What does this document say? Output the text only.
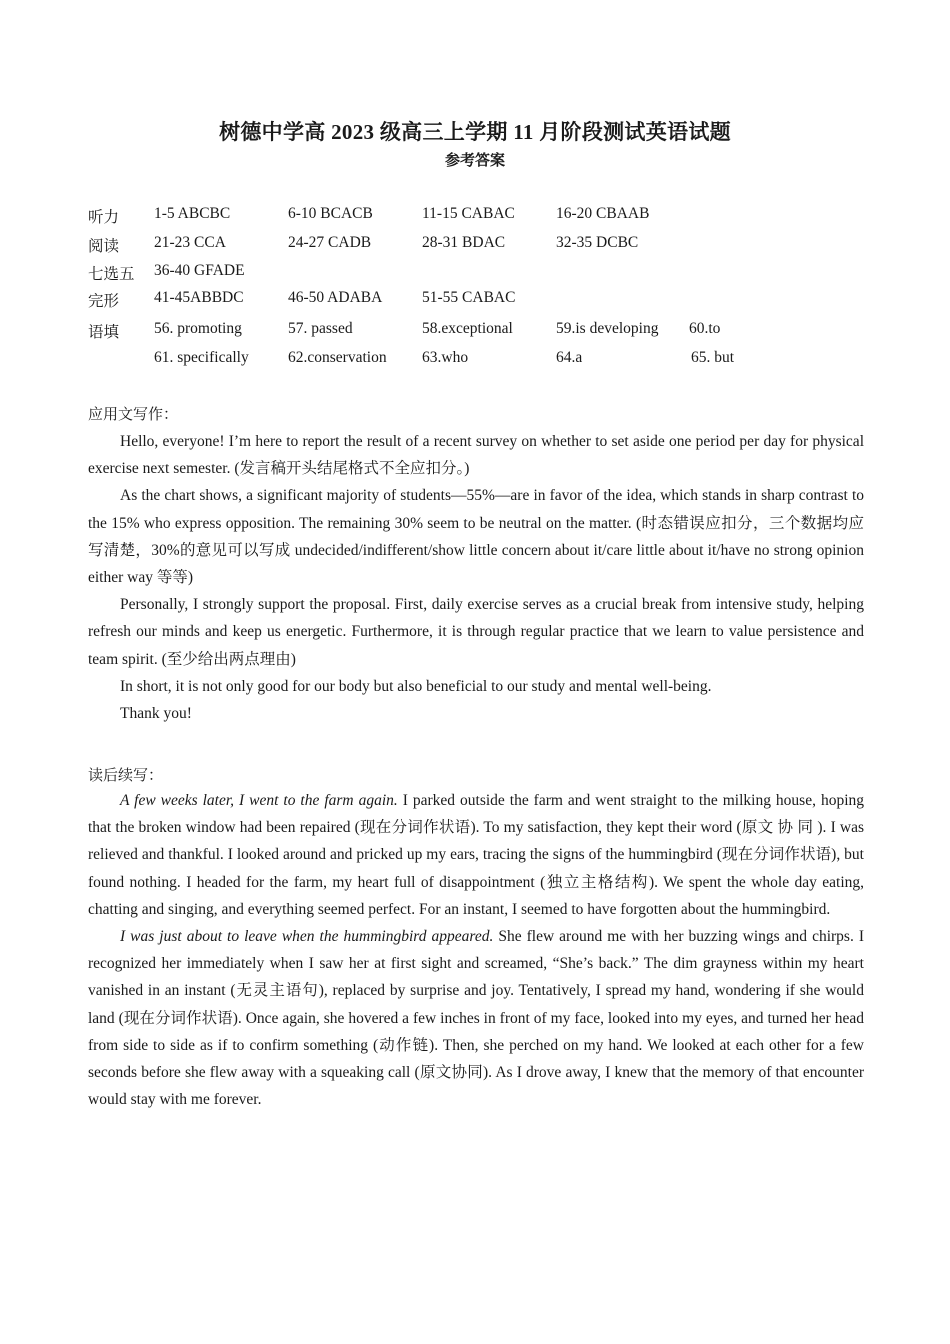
树德中学高 2023 级高三上学期 11 月阶段测试英语试题
参考答案
听力 1-5 ABCBC	6-10 BCACB	11-15 CABAC	16-20 CBAAB
阅读 21-23 CCA	24-27 CADB	28-31 BDAC	32-35 DCBC
七选五 36-40 GFADE
完形 41-45ABBDC	46-50 ADABA	51-55 CABAC
语填 56. promoting	57. passed	58.exceptional	59.is developing 60.to
61. specifically	62.conservation 63.who	64.a	65. but
应用文写作：

Hello, everyone! I’m here to report the result of a recent survey on whether to set aside one period per day for physical exercise next semester. (发言稿开头结尾格式不全应扣分。)

As the chart shows, a significant majority of students—55%—are in favor of the idea, which stands in sharp contrast to the 15% who express opposition. The remaining 30% seem to be neutral on the matter. (时态错误应扣分，三个数据均应写清楚，30%的意见可以写成 undecided/indifferent/show little concern about it/care little about it/have no strong opinion either way 等等)

Personally, I strongly support the proposal. First, daily exercise serves as a crucial break from intensive study, helping refresh our minds and keep us energetic. Furthermore, it is through regular practice that we learn to value persistence and team spirit. (至少给出两点理由)

In short, it is not only good for our body but also beneficial to our study and mental well-being.

Thank you!

读后续写：

A few weeks later, I went to the farm again. I parked outside the farm and went straight to the milking house, hoping that the broken window had been repaired (现在分词作状语). To my satisfaction, they kept their word (原文 协 同 ). I was relieved and thankful. I looked around and pricked up my ears, tracing the signs of the hummingbird (现在分词作状语), but found nothing. I headed for the farm, my heart full of disappointment (独立主格结构). We spent the whole day eating, chatting and singing, and everything seemed perfect. For an instant, I seemed to have forgotten about the hummingbird.

I was just about to leave when the hummingbird appeared. She flew around me with her buzzing wings and chirps. I recognized her immediately when I saw her at first sight and screamed, “She’s back.” The dim grayness within my heart vanished in an instant (无灵主语句), replaced by surprise and joy. Tentatively, I spread my hand, wondering if she would land (现在分词作状语). Once again, she hovered a few inches in front of my face, looked into my eyes, and turned her head from side to side as if to confirm something (动作链). Then, she perched on my hand. We looked at each other for a few seconds before she flew away with a squeaking call (原文协同). As I drove away, I knew that the memory of that encounter would stay with me forever.
